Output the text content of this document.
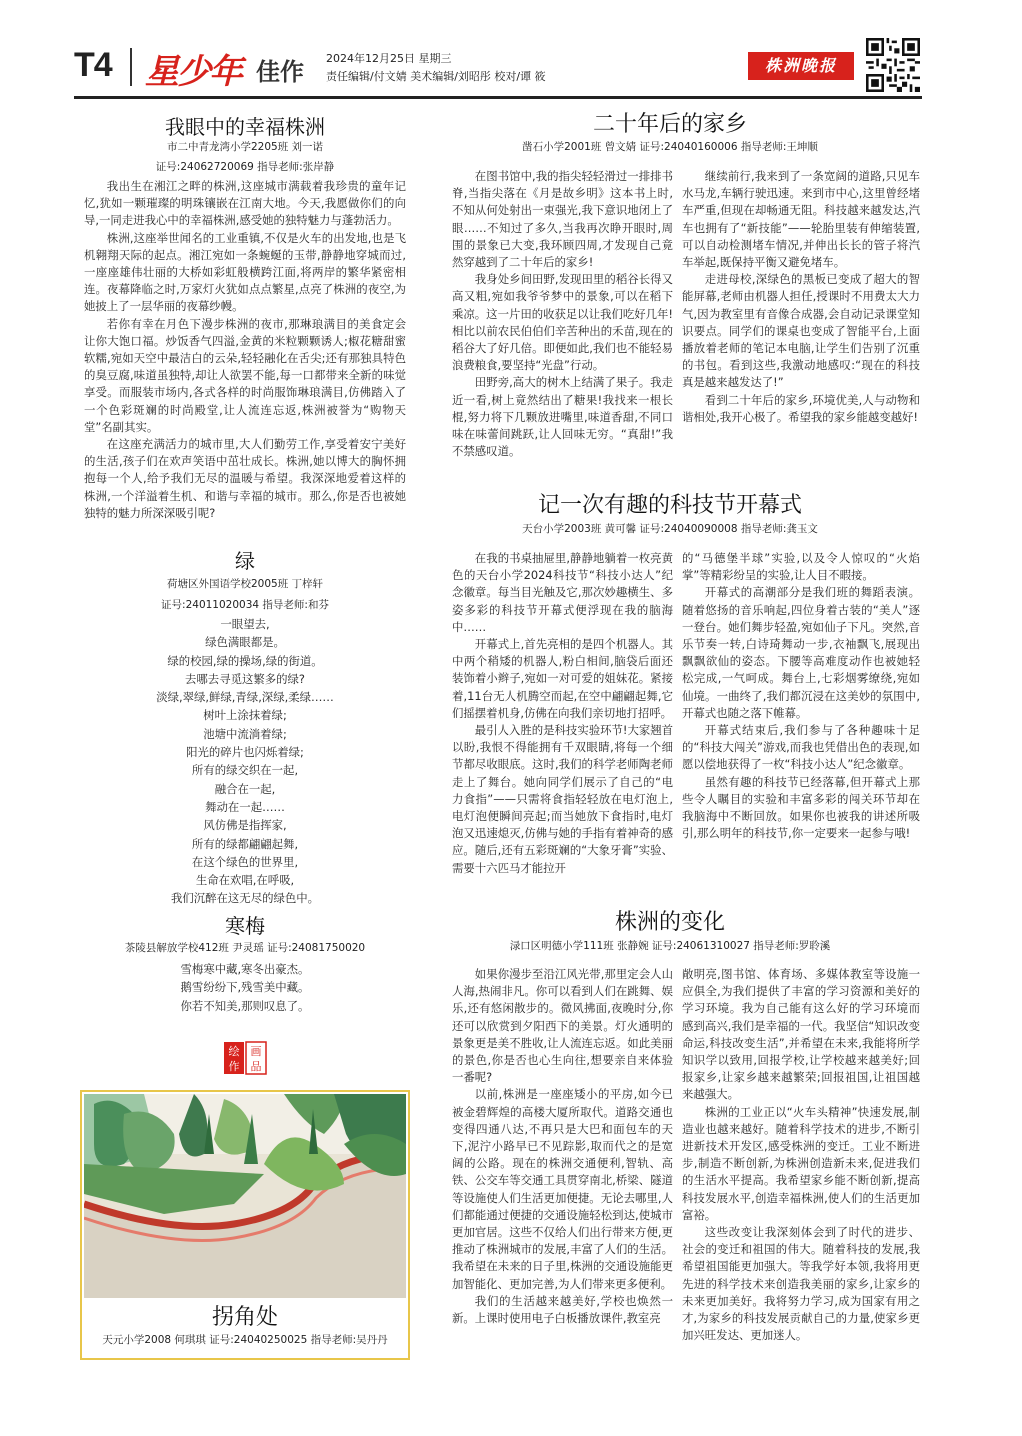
T4 星少年 佳作 2024年12月25日 星期三
责任编辑/付文婧 美术编辑/刘昭彤 校对/谭 筱
株洲晚报
我眼中的幸福株洲
市二中青龙湾小学2205班 刘一诺
证号:24062720069 指导老师:张岸静

我出生在湘江之畔的株洲,这座城市满载着我珍贵的童年记忆,犹如一颗璀璨的明珠镶嵌在江南大地。今天,我愿做你们的向导,一同走进我心中的幸福株洲,感受她的独特魅力与蓬勃活力。

株洲,这座举世闻名的工业重镇,不仅是火车的出发地,也是飞机翱翔天际的起点。湘江宛如一条蜿蜒的玉带,静静地穿城而过,一座座雄伟壮丽的大桥如彩虹般横跨江面,将两岸的繁华紧密相连。夜幕降临之时,万家灯火犹如点点繁星,点亮了株洲的夜空,为她披上了一层华丽的夜幕纱幔。

若你有幸在月色下漫步株洲的夜市,那琳琅满目的美食定会让你大饱口福。炒饭香气四溢,金黄的米粒颗颗诱人;椒花糖甜蜜软糯,宛如天空中最洁白的云朵,轻轻融化在舌尖;还有那独具特色的臭豆腐,味道虽独特,却让人欲罢不能,每一口都带来全新的味觉享受。而服装市场内,各式各样的时尚服饰琳琅满目,仿佛踏入了一个色彩斑斓的时尚殿堂,让人流连忘返,株洲被誉为“购物天堂”名副其实。

在这座充满活力的城市里,大人们勤劳工作,享受着安宁美好的生活,孩子们在欢声笑语中茁壮成长。株洲,她以博大的胸怀拥抱每一个人,给予我们无尽的温暖与希望。我深深地爱着这样的株洲,一个洋溢着生机、和谐与幸福的城市。那么,你是否也被她独特的魅力所深深吸引呢?

绿
荷塘区外国语学校2005班 丁梓轩
证号:24011020034 指导老师:和芬
一眼望去,
绿色满眼都是。
绿的校园,绿的操场,绿的街道。
去哪去寻觅这繁多的绿?
淡绿,翠绿,鲜绿,青绿,深绿,柔绿……
树叶上涂抹着绿;
池塘中流淌着绿;
阳光的碎片也闪烁着绿;
所有的绿交织在一起,
融合在一起,
舞动在一起……
风仿佛是指挥家,
所有的绿都翩翩起舞,
在这个绿色的世界里,
生命在欢唱,在呼吸,
我们沉醉在这无尽的绿色中。
寒梅
茶陵县解放学校412班 尹灵瑶 证号:24081750020
雪梅寒中藏,寒冬出豪杰。
鹅雪纷纷下,残雪美中藏。
你若不知美,那则叹息了。
绘 画
作 品
拐角处
天元小学2008 何琪琪 证号:24040250025 指导老师:吴丹丹
二十年后的家乡
凿石小学2001班 曾文婧 证号:24040160006 指导老师:王坤顺

在图书馆中,我的指尖轻轻滑过一排排书脊,当指尖落在《月是故乡明》这本书上时,不知从何处射出一束强光,我下意识地闭上了眼……不知过了多久,当我再次睁开眼时,周围的景象已大变,我环顾四周,才发现自己竟然穿越到了二十年后的家乡!

我身处乡间田野,发现田里的稻谷长得又高又粗,宛如我爷爷梦中的景象,可以在稻下乘凉。这一片田的收获足以让我们吃好几年!相比以前农民伯伯们辛苦种出的禾苗,现在的稻谷大了好几倍。即便如此,我们也不能轻易浪费粮食,要坚持“光盘”行动。

田野旁,高大的树木上结满了果子。我走近一看,树上竟然结出了糖果!我找来一根长棍,努力将下几颗放进嘴里,味道香甜,不同口味在味蕾间跳跃,让人回味无穷。“真甜!”我不禁感叹道。

继续前行,我来到了一条宽阔的道路,只见车水马龙,车辆行驶迅速。来到市中心,这里曾经堵车严重,但现在却畅通无阻。科技越来越发达,汽车也拥有了“新技能”——轮胎里装有伸缩装置,可以自动检测堵车情况,并伸出长长的管子将汽车举起,既保持平衡又避免堵车。

走进母校,深绿色的黑板已变成了超大的智能屏幕,老师由机器人担任,授课时不用费太大力气,因为教室里有音像合成器,会自动记录课堂知识要点。同学们的课桌也变成了智能平台,上面播放着老师的笔记本电脑,让学生们告别了沉重的书包。看到这些,我激动地感叹:“现在的科技真是越来越发达了!”

看到二十年后的家乡,环境优美,人与动物和谐相处,我开心极了。希望我的家乡能越变越好!

记一次有趣的科技节开幕式
天台小学2003班 黄可馨 证号:24040090008 指导老师:龚玉文

在我的书桌抽屉里,静静地躺着一枚亮黄色的天台小学2024科技节“科技小达人”纪念徽章。每当目光触及它,那次妙趣横生、多姿多彩的科技节开幕式便浮现在我的脑海中……

开幕式上,首先亮相的是四个机器人。其中两个稍矮的机器人,粉白相间,脑袋后面还装饰着小辫子,宛如一对可爱的姐妹花。紧接着,11台无人机腾空而起,在空中翩翩起舞,它们摇摆着机身,仿佛在向我们亲切地打招呼。

最引人入胜的是科技实验环节!大家翘首以盼,我恨不得能拥有千双眼睛,将每一个细节都尽收眼底。这时,我们的科学老师陶老师走上了舞台。她向同学们展示了自己的“电力食指”——只需将食指轻轻放在电灯泡上,电灯泡便瞬间亮起;而当她放下食指时,电灯泡又迅速熄灭,仿佛与她的手指有着神奇的感应。随后,还有五彩斑斓的“大象牙膏”实验、需要十六匹马才能拉开

的“马德堡半球”实验,以及令人惊叹的“火焰掌”等精彩纷呈的实验,让人目不暇接。

开幕式的高潮部分是我们班的舞蹈表演。随着悠扬的音乐响起,四位身着古装的“美人”逐一登台。她们舞步轻盈,宛如仙子下凡。突然,音乐节奏一转,白诗琦舞动一步,衣袖飘飞,展现出飘飘欲仙的姿态。下腰等高难度动作也被她轻松完成,一气呵成。舞台上,七彩烟雾缭绕,宛如仙境。一曲终了,我们都沉浸在这美妙的氛围中,开幕式也随之落下帷幕。

开幕式结束后,我们参与了各种趣味十足的“科技大闯关”游戏,而我也凭借出色的表现,如愿以偿地获得了一枚“科技小达人”纪念徽章。

虽然有趣的科技节已经落幕,但开幕式上那些令人瞩目的实验和丰富多彩的闯关环节却在我脑海中不断回放。如果你也被我的讲述所吸引,那么明年的科技节,你一定要来一起参与哦!

株洲的变化
渌口区明德小学111班 张静婉 证号:24061310027 指导老师:罗聆溪

如果你漫步至沿江风光带,那里定会人山人海,热闹非凡。你可以看到人们在跳舞、娱乐,还有悠闲散步的。微风拂面,夜晚时分,你还可以欣赏到夕阳西下的美景。灯火通明的景象更是美不胜收,让人流连忘返。如此美丽的景色,你是否也心生向往,想要亲自来体验一番呢?

以前,株洲是一座座矮小的平房,如今已被金碧辉煌的高楼大厦所取代。道路交通也变得四通八达,不再只是大巴和面包车的天下,泥泞小路早已不见踪影,取而代之的是宽阔的公路。现在的株洲交通便利,智轨、高铁、公交车等交通工具贯穿南北,桥梁、隧道等设施使人们生活更加便捷。无论去哪里,人们都能通过便捷的交通设施轻松到达,使城市更加官居。这些不仅给人们出行带来方便,更推动了株洲城市的发展,丰富了人们的生活。我希望在未来的日子里,株洲的交通设施能更加智能化、更加完善,为人们带来更多便利。

我们的生活越来越美好,学校也焕然一新。上课时使用电子白板播放课件,教室亮

敞明亮,图书馆、体育场、多媒体教室等设施一应俱全,为我们提供了丰富的学习资源和美好的学习环境。我为自己能有这么好的学习环境而感到高兴,我们是幸福的一代。我坚信“知识改变命运,科技改变生活”,并希望在未来,我能将所学知识学以致用,回报学校,让学校越来越美好;回报家乡,让家乡越来越繁荣;回报祖国,让祖国越来越强大。

株洲的工业正以“火车头精神”快速发展,制造业也越来越好。随着科学技术的进步,不断引进新技术开发区,感受株洲的变迁。工业不断进步,制造不断创新,为株洲创造新未来,促进我们的生活水平提高。我希望家乡能不断创新,提高科技发展水平,创造幸福株洲,使人们的生活更加富裕。

这些改变让我深刻体会到了时代的进步、社会的变迁和祖国的伟大。随着科技的发展,我希望祖国能更加强大。等我学好本领,我将用更先进的科学技术来创造我美丽的家乡,让家乡的未来更加美好。我将努力学习,成为国家有用之才,为家乡的科技发展贡献自己的力量,使家乡更加兴旺发达、更加迷人。
